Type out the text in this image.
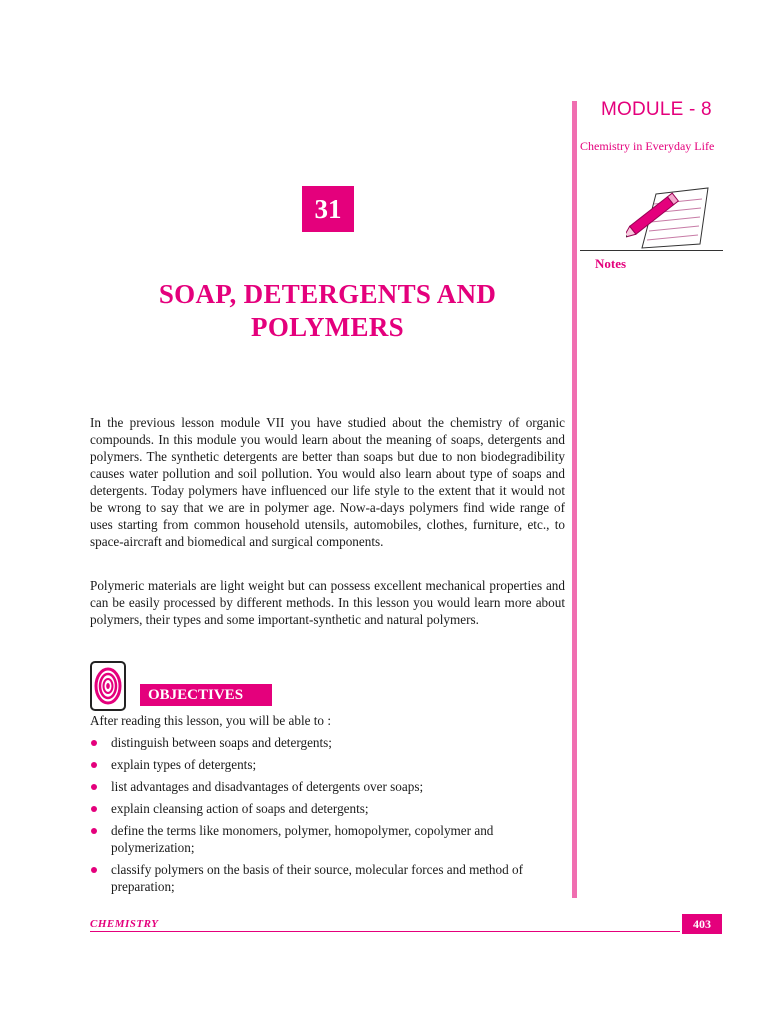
MODULE - 8
Chemistry in Everyday Life
Notes
31
SOAP, DETERGENTS AND
POLYMERS

In the previous lesson module VII you have studied about the chemistry of organic compounds. In this module you would learn about the meaning of soaps, detergents and polymers. The synthetic detergents are better than soaps but due to non biodegradibility causes water pollution and soil pollution. You would also learn about type of soaps and detergents. Today polymers have influenced our life style to the extent that it would not be wrong to say that we are in polymer age. Now-a-days polymers find wide range of uses starting from common household utensils, automobiles, clothes, furniture, etc., to space-aircraft and biomedical and surgical components.

Polymeric materials are light weight but can possess excellent mechanical properties and can be easily processed by different methods. In this lesson you would learn more about polymers, their types and some important-synthetic and natural polymers.

OBJECTIVES
After reading this lesson, you will be able to :
distinguish between soaps and detergents;
explain types of detergents;
list advantages and disadvantages of detergents over soaps;
explain cleansing action of soaps and detergents;
define the terms like monomers, polymer, homopolymer, copolymer and polymerization;
classify polymers on the basis of their source, molecular forces and method of preparation;
CHEMISTRY	403
